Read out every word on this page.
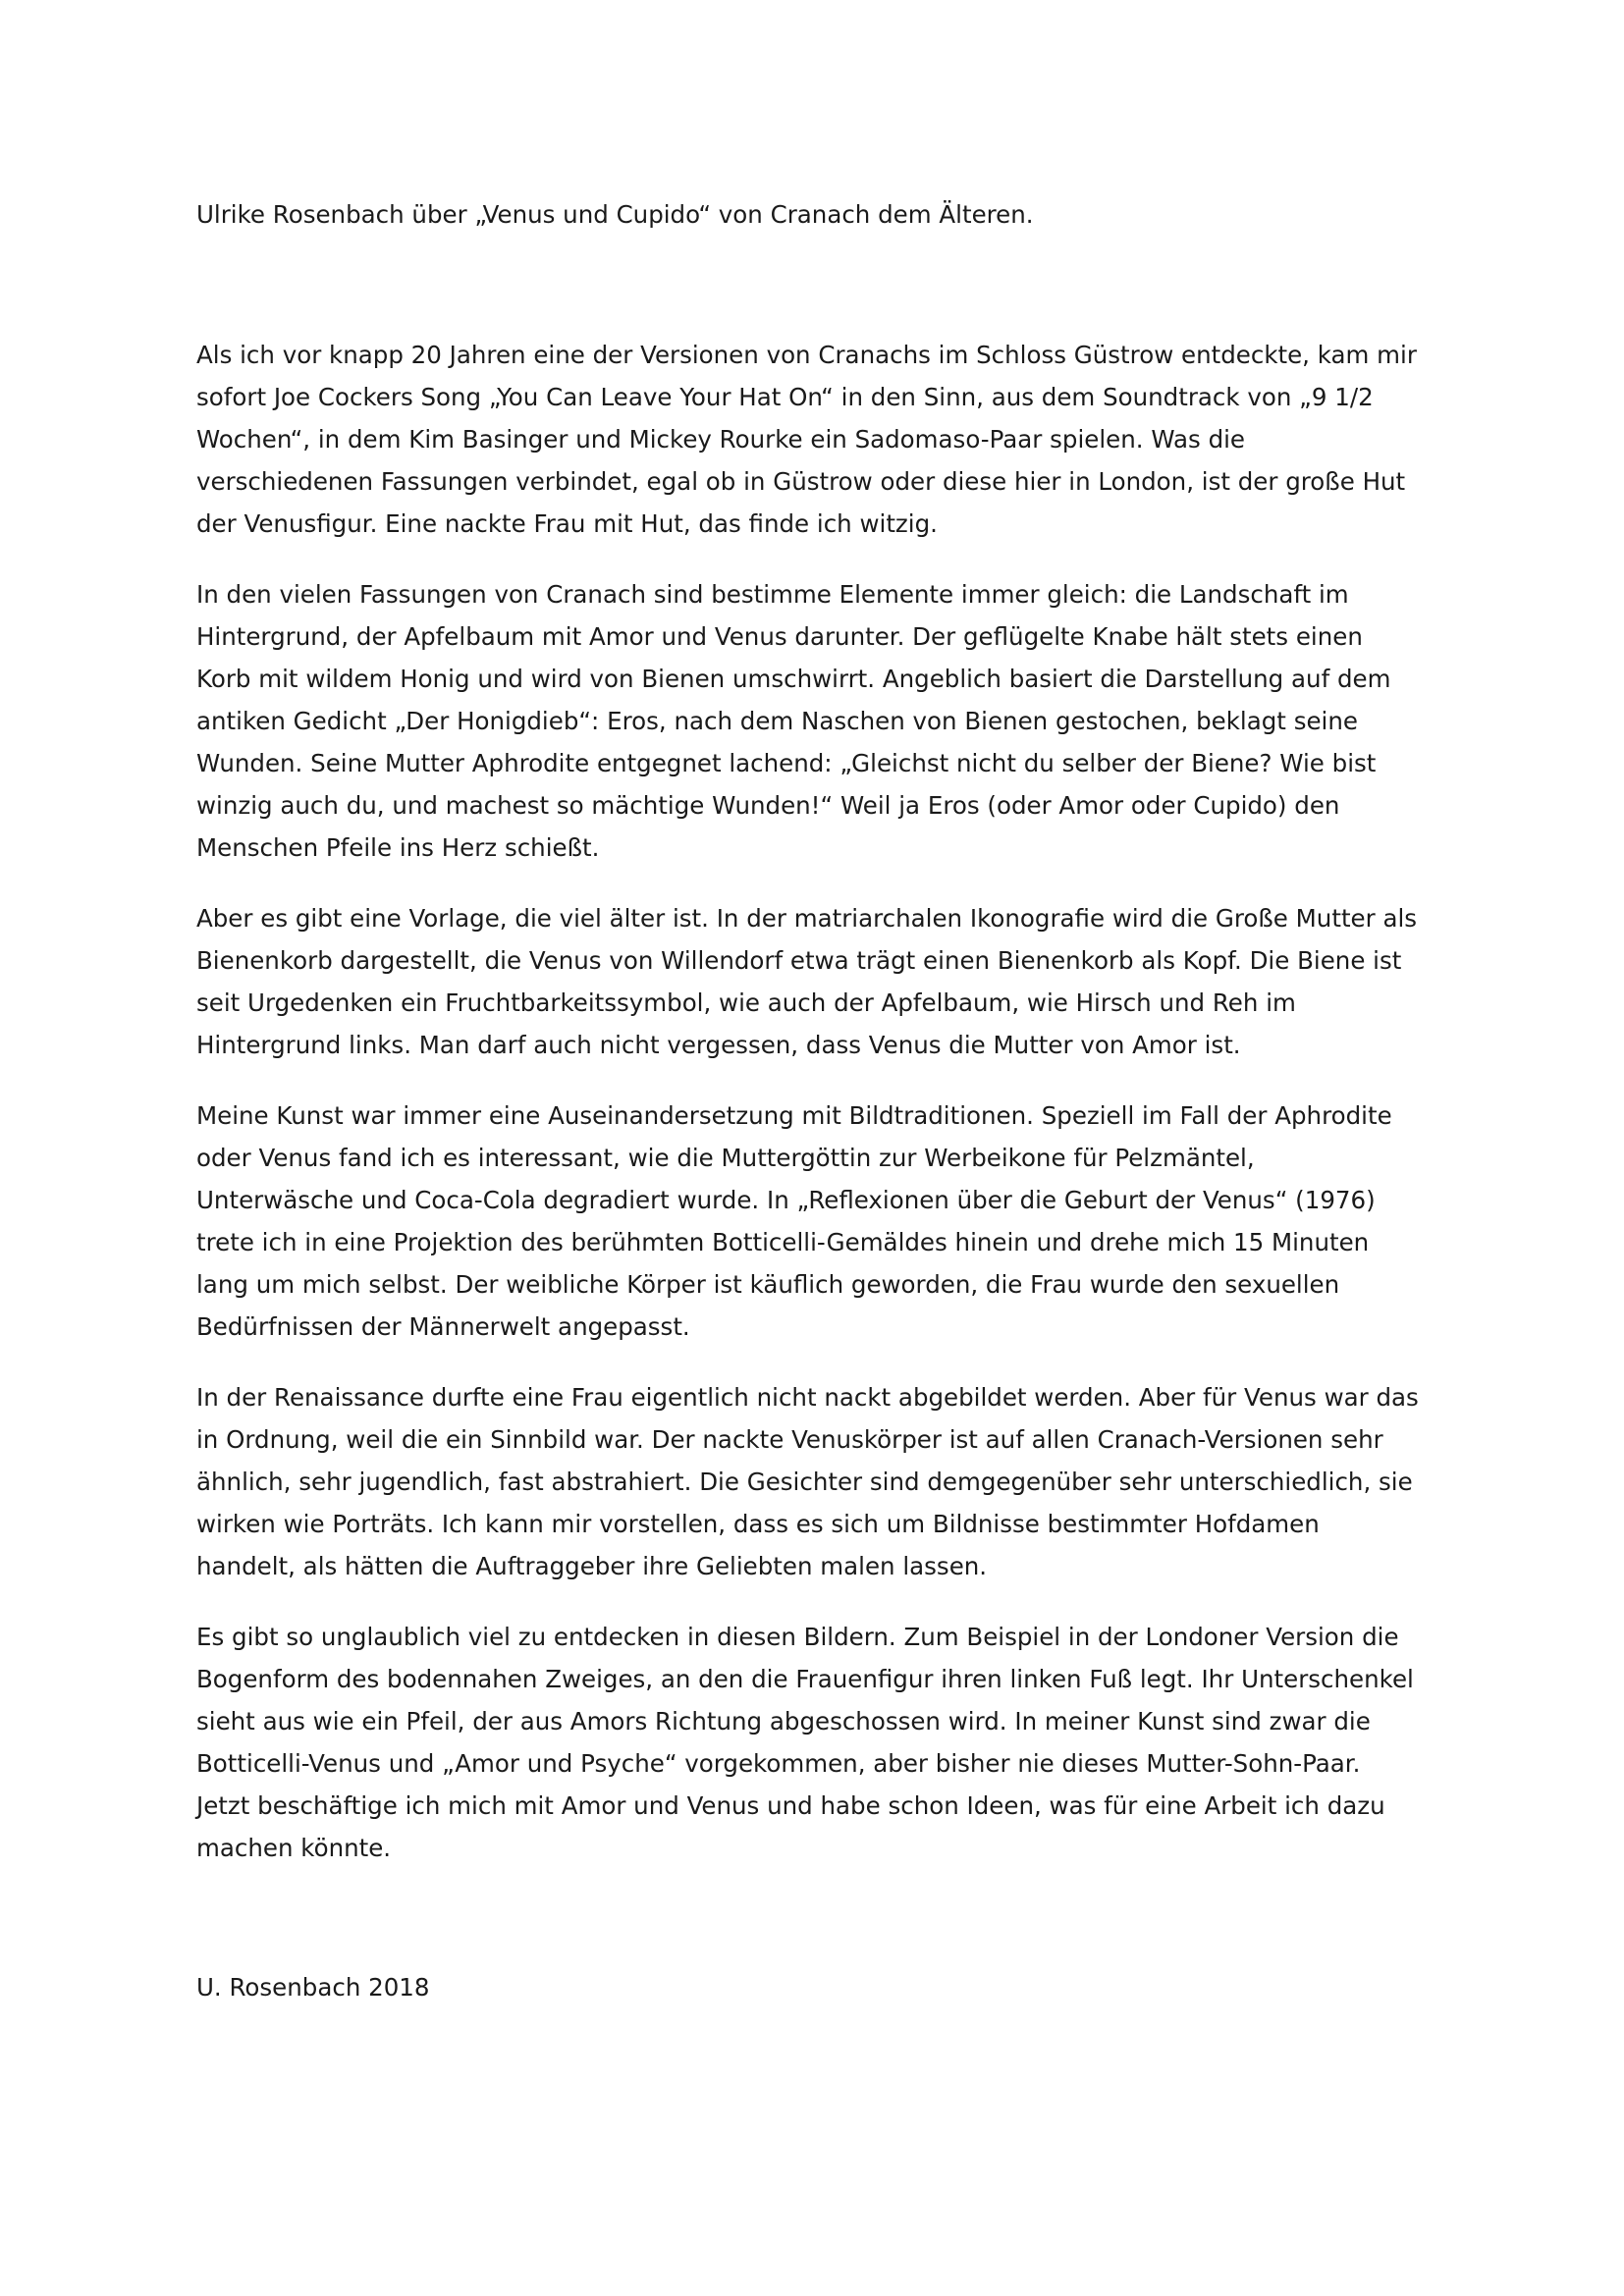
Ulrike Rosenbach über „Venus und Cupido“ von Cranach dem Älteren.

Als ich vor knapp 20 Jahren eine der Versionen von Cranachs im Schloss Güstrow entdeckte, kam mir

sofort Joe Cockers Song „You Can Leave Your Hat On“ in den Sinn, aus dem Soundtrack von „9 1/2

Wochen“, in dem Kim Basinger und Mickey Rourke ein Sadomaso-Paar spielen. Was die

verschiedenen Fassungen verbindet, egal ob in Güstrow oder diese hier in London, ist der große Hut

der Venusfigur. Eine nackte Frau mit Hut, das finde ich witzig.

In den vielen Fassungen von Cranach sind bestimme Elemente immer gleich: die Landschaft im

Hintergrund, der Apfelbaum mit Amor und Venus darunter. Der geflügelte Knabe hält stets einen

Korb mit wildem Honig und wird von Bienen umschwirrt. Angeblich basiert die Darstellung auf dem

antiken Gedicht „Der Honigdieb“: Eros, nach dem Naschen von Bienen gestochen, beklagt seine

Wunden. Seine Mutter Aphrodite entgegnet lachend: „Gleichst nicht du selber der Biene? Wie bist

winzig auch du, und machest so mächtige Wunden!“ Weil ja Eros (oder Amor oder Cupido) den

Menschen Pfeile ins Herz schießt.

Aber es gibt eine Vorlage, die viel älter ist. In der matriarchalen Ikonografie wird die Große Mutter als

Bienenkorb dargestellt, die Venus von Willendorf etwa trägt einen Bienenkorb als Kopf. Die Biene ist

seit Urgedenken ein Fruchtbarkeitssymbol, wie auch der Apfelbaum, wie Hirsch und Reh im

Hintergrund links. Man darf auch nicht vergessen, dass Venus die Mutter von Amor ist.

Meine Kunst war immer eine Auseinandersetzung mit Bildtraditionen. Speziell im Fall der Aphrodite

oder Venus fand ich es interessant, wie die Muttergöttin zur Werbeikone für Pelzmäntel,

Unterwäsche und Coca-Cola degradiert wurde. In „Reflexionen über die Geburt der Venus“ (1976)

trete ich in eine Projektion des berühmten Botticelli-Gemäldes hinein und drehe mich 15 Minuten

lang um mich selbst. Der weibliche Körper ist käuflich geworden, die Frau wurde den sexuellen

Bedürfnissen der Männerwelt angepasst.

In der Renaissance durfte eine Frau eigentlich nicht nackt abgebildet werden. Aber für Venus war das

in Ordnung, weil die ein Sinnbild war. Der nackte Venuskörper ist auf allen Cranach-Versionen sehr

ähnlich, sehr jugendlich, fast abstrahiert. Die Gesichter sind demgegenüber sehr unterschiedlich, sie

wirken wie Porträts. Ich kann mir vorstellen, dass es sich um Bildnisse bestimmter Hofdamen

handelt, als hätten die Auftraggeber ihre Geliebten malen lassen.

Es gibt so unglaublich viel zu entdecken in diesen Bildern. Zum Beispiel in der Londoner Version die

Bogenform des bodennahen Zweiges, an den die Frauenfigur ihren linken Fuß legt. Ihr Unterschenkel

sieht aus wie ein Pfeil, der aus Amors Richtung abgeschossen wird. In meiner Kunst sind zwar die

Botticelli-Venus und „Amor und Psyche“ vorgekommen, aber bisher nie dieses Mutter-Sohn-Paar.

Jetzt beschäftige ich mich mit Amor und Venus und habe schon Ideen, was für eine Arbeit ich dazu

machen könnte.

U. Rosenbach 2018
